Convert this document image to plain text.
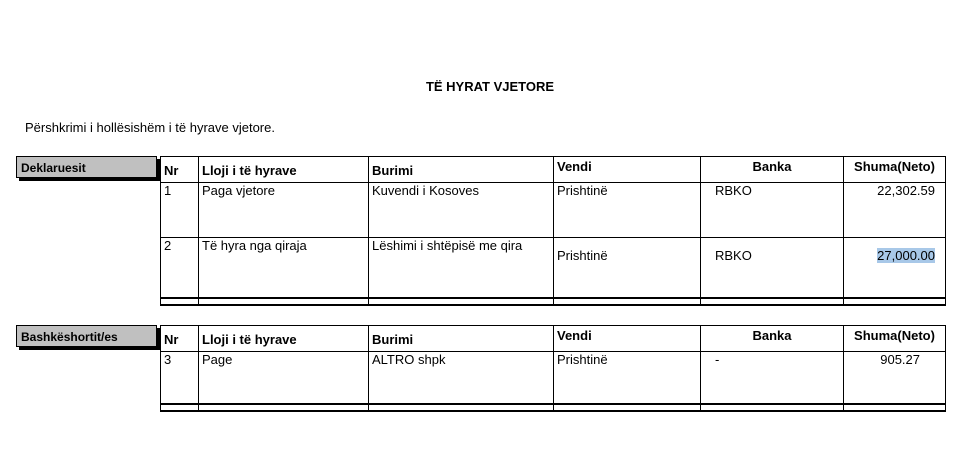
TË HYRAT VJETORE
Përshkrimi i hollësishëm i të hyrave vjetore.
Deklaruesit	Nr	Lloji i të hyrave	Burimi	Vendi	Banka	Shuma(Neto)
1	Paga vjetore	Kuvendi i Kosoves	Prishtinë	RBKO	22,302.59
2	Të hyra nga qiraja	Lëshimi i shtëpisë me qira	Prishtinë	RBKO	27,000.00

Bashkëshortit/es	Nr	Lloji i të hyrave	Burimi	Vendi	Banka	Shuma(Neto)
3	Page	ALTRO shpk	Prishtinë	-	905.27
